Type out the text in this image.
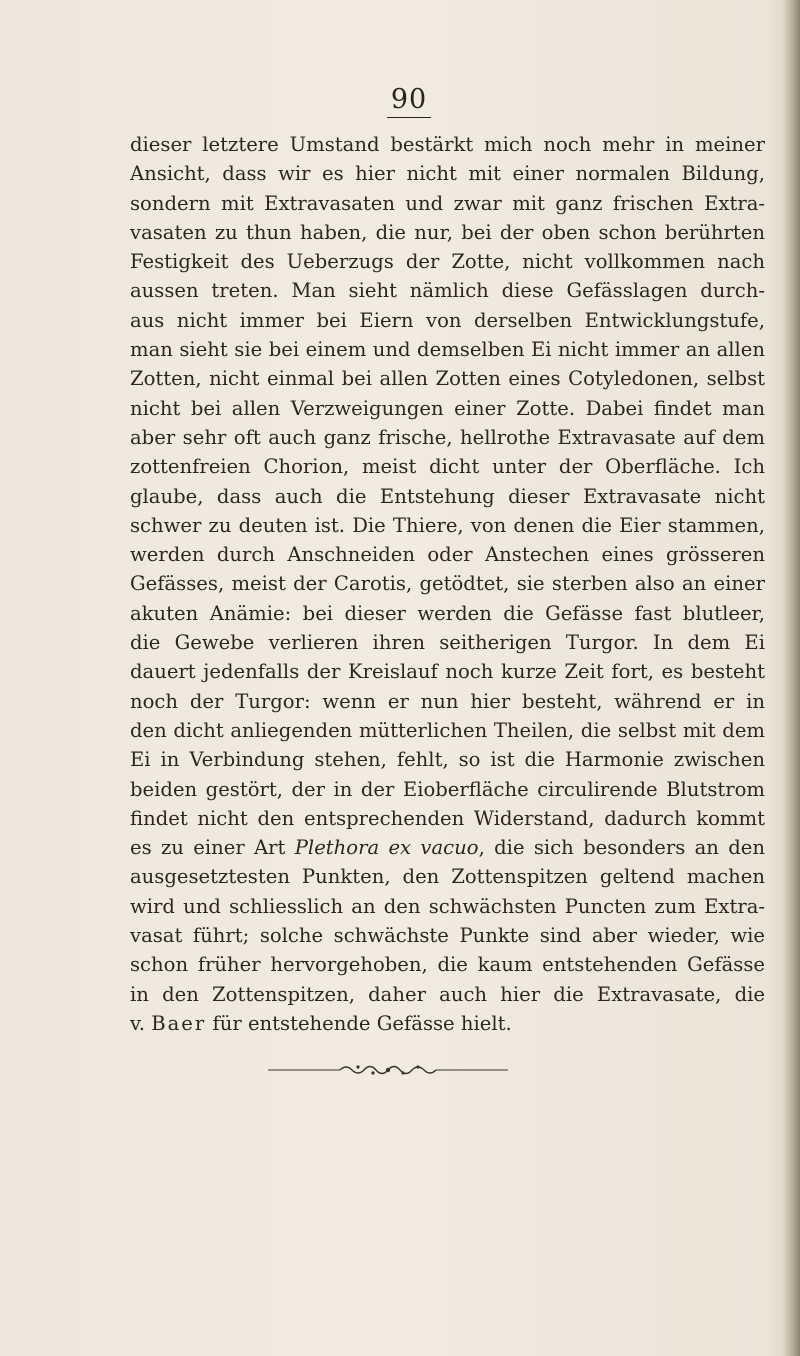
90
dieser letztere Umstand bestärkt mich noch mehr in meiner
Ansicht, dass wir es hier nicht mit einer normalen Bildung,
sondern mit Extravasaten und zwar mit ganz frischen Extra-
vasaten zu thun haben, die nur, bei der oben schon berührten
Festigkeit des Ueberzugs der Zotte, nicht vollkommen nach
aussen treten. Man sieht nämlich diese Gefässlagen durch-
aus nicht immer bei Eiern von derselben Entwicklungstufe,
man sieht sie bei einem und demselben Ei nicht immer an allen
Zotten, nicht einmal bei allen Zotten eines Cotyledonen, selbst
nicht bei allen Verzweigungen einer Zotte. Dabei findet man
aber sehr oft auch ganz frische, hellrothe Extravasate auf dem
zottenfreien Chorion, meist dicht unter der Oberfläche. Ich
glaube, dass auch die Entstehung dieser Extravasate nicht
schwer zu deuten ist. Die Thiere, von denen die Eier stammen,
werden durch Anschneiden oder Anstechen eines grösseren
Gefässes, meist der Carotis, getödtet, sie sterben also an einer
akuten Anämie: bei dieser werden die Gefässe fast blutleer,
die Gewebe verlieren ihren seitherigen Turgor. In dem Ei
dauert jedenfalls der Kreislauf noch kurze Zeit fort, es besteht
noch der Turgor: wenn er nun hier besteht, während er in
den dicht anliegenden mütterlichen Theilen, die selbst mit dem
Ei in Verbindung stehen, fehlt, so ist die Harmonie zwischen
beiden gestört, der in der Eioberfläche circulirende Blutstrom
findet nicht den entsprechenden Widerstand, dadurch kommt
es zu einer Art Plethora ex vacuo, die sich besonders an den
ausgesetztesten Punkten, den Zottenspitzen geltend machen
wird und schliesslich an den schwächsten Puncten zum Extra-
vasat führt; solche schwächste Punkte sind aber wieder, wie
schon früher hervorgehoben, die kaum entstehenden Gefässe
in den Zottenspitzen, daher auch hier die Extravasate, die
v. Baer für entstehende Gefässe hielt.
